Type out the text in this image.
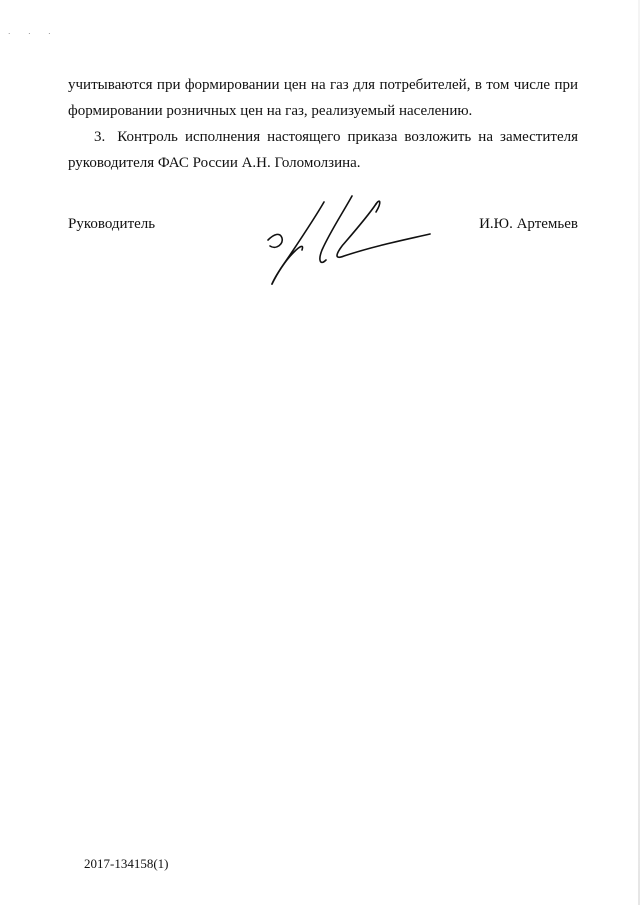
· · ·
учитываются при формировании цен на газ для потребителей, в том числе при
формировании розничных цен на газ, реализуемый населению.
3. Контроль исполнения настоящего приказа возложить на заместителя
руководителя ФАС России А.Н. Голомолзина.
Руководитель	И.Ю. Артемьев
2017-134158(1)
